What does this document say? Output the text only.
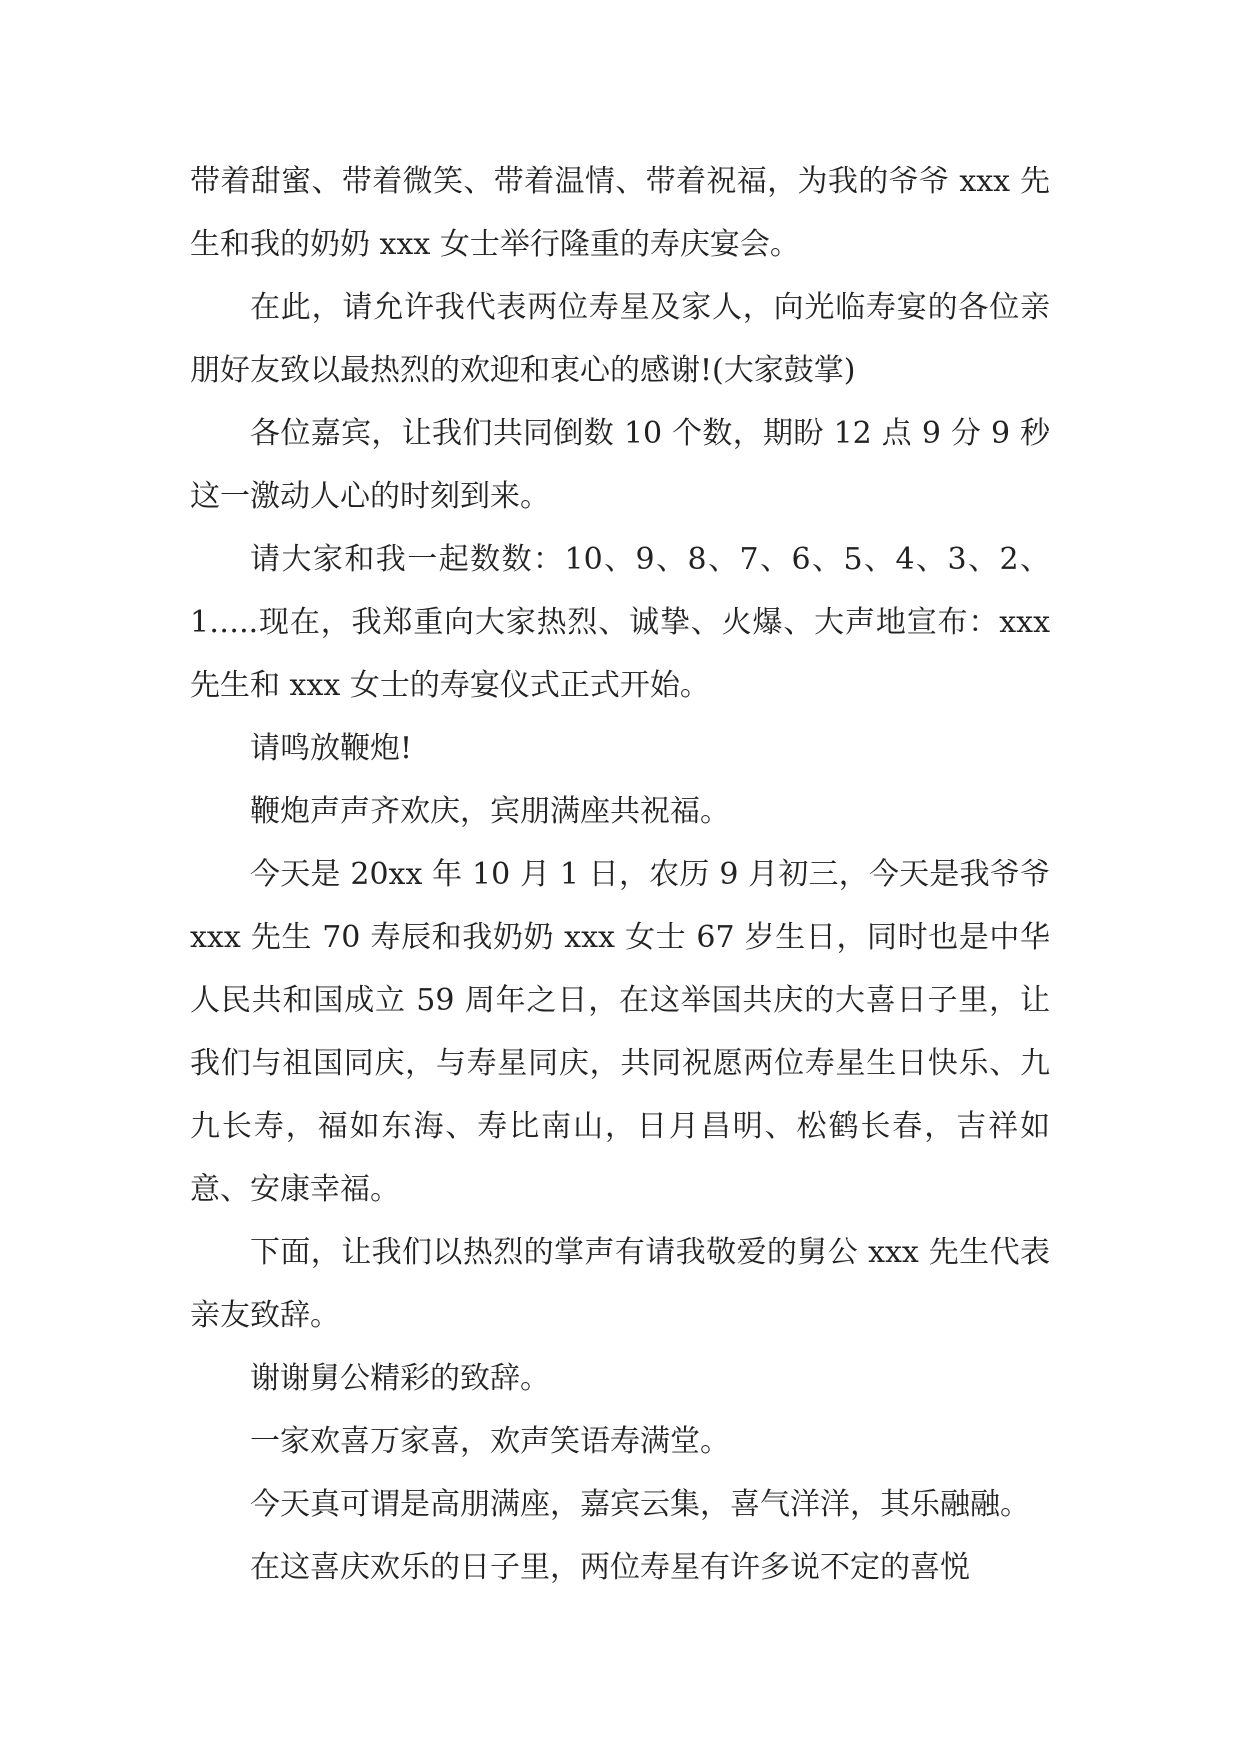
带着甜蜜、带着微笑、带着温情、带着祝福，为我的爷爷 xxx 先生和我的奶奶 xxx 女士举行隆重的寿庆宴会。

在此，请允许我代表两位寿星及家人，向光临寿宴的各位亲朋好友致以最热烈的欢迎和衷心的感谢!(大家鼓掌)

各位嘉宾，让我们共同倒数 10 个数，期盼 12 点 9 分 9 秒这一激动人心的时刻到来。

请大家和我一起数数：10、9、8、7、6、5、4、3、2、1…..现在，我郑重向大家热烈、诚挚、火爆、大声地宣布：xxx 先生和 xxx 女士的寿宴仪式正式开始。

请鸣放鞭炮!

鞭炮声声齐欢庆，宾朋满座共祝福。

今天是 20xx 年 10 月 1 日，农历 9 月初三，今天是我爷爷 xxx 先生 70 寿辰和我奶奶 xxx 女士 67 岁生日，同时也是中华人民共和国成立 59 周年之日，在这举国共庆的大喜日子里，让我们与祖国同庆，与寿星同庆，共同祝愿两位寿星生日快乐、九九长寿，福如东海、寿比南山，日月昌明、松鹤长春，吉祥如意、安康幸福。

下面，让我们以热烈的掌声有请我敬爱的舅公 xxx 先生代表亲友致辞。

谢谢舅公精彩的致辞。

一家欢喜万家喜，欢声笑语寿满堂。

今天真可谓是高朋满座，嘉宾云集，喜气洋洋，其乐融融。

在这喜庆欢乐的日子里，两位寿星有许多说不定的喜悦
